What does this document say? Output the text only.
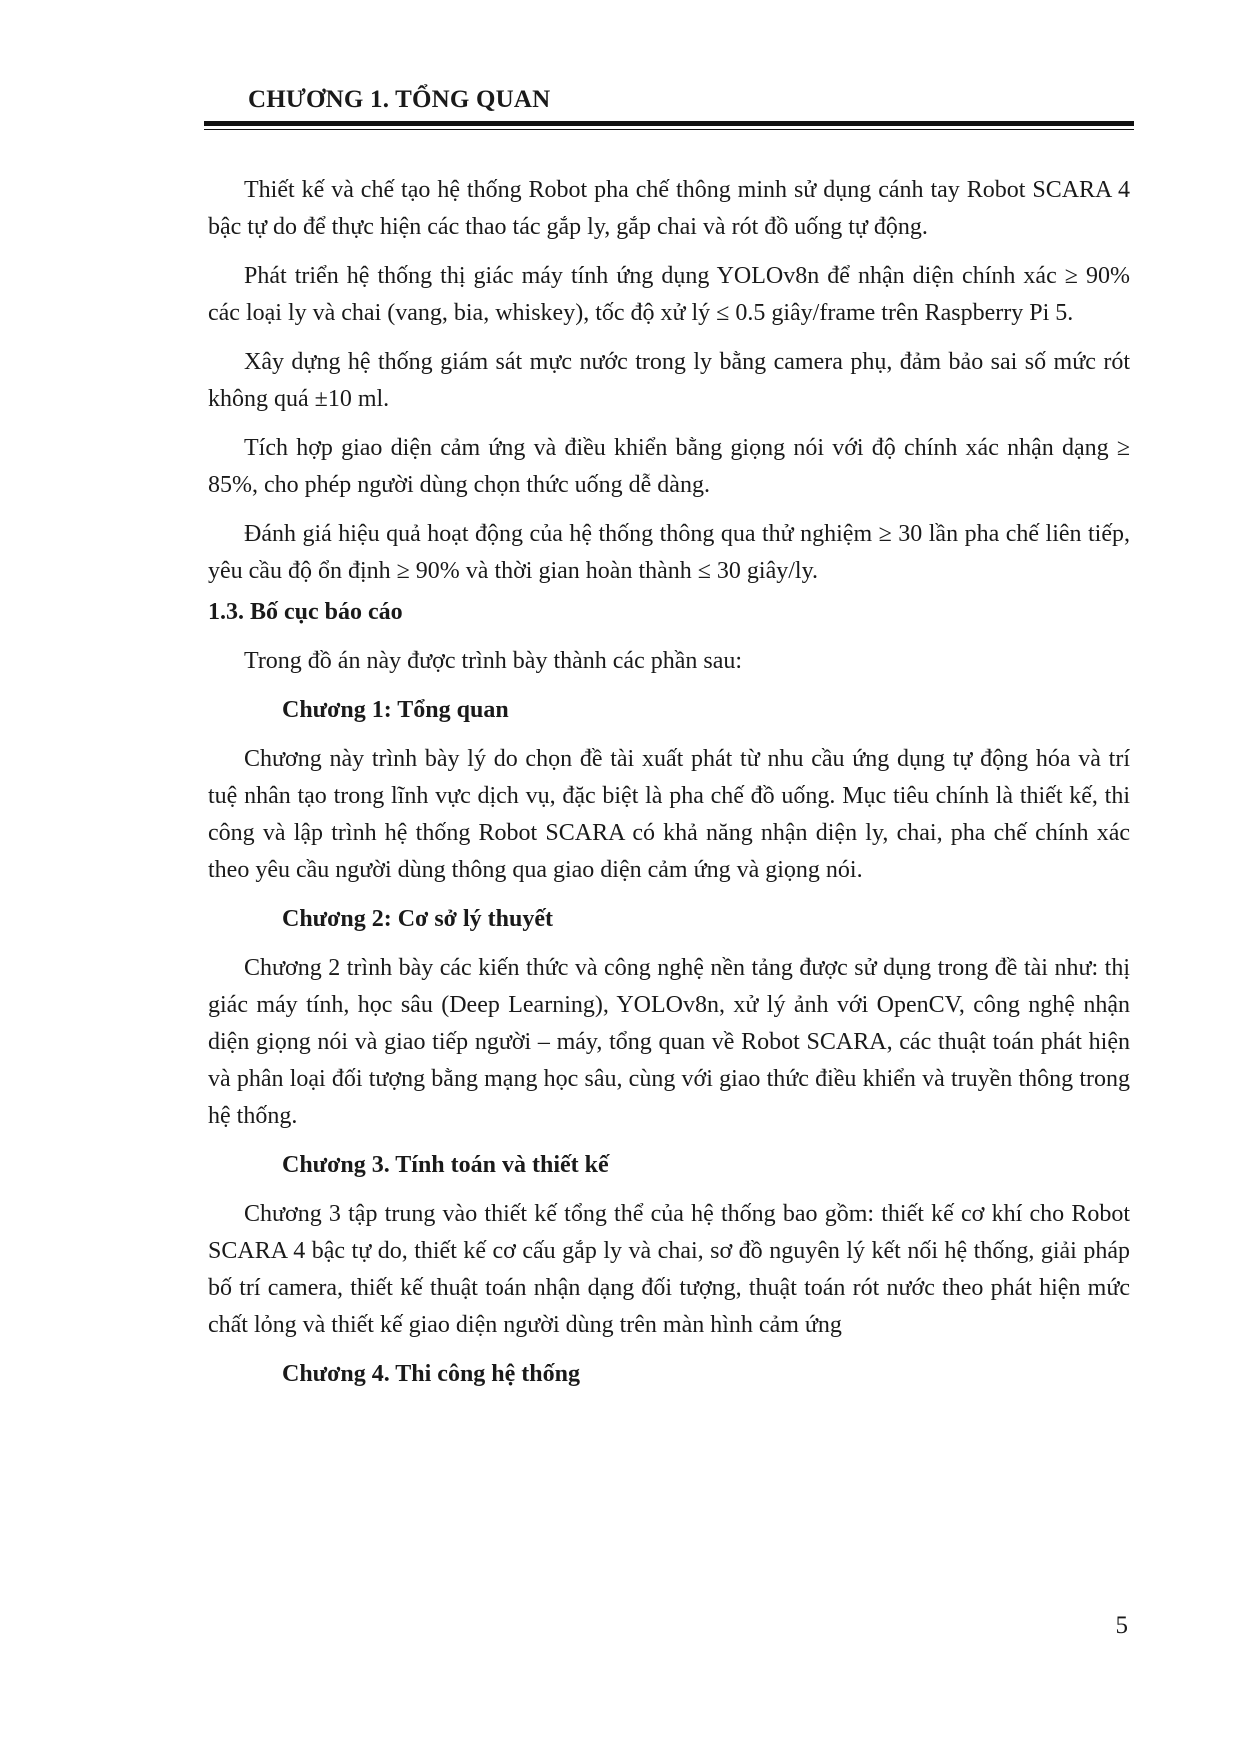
CHƯƠNG 1. TỔNG QUAN

Thiết kế và chế tạo hệ thống Robot pha chế thông minh sử dụng cánh tay Robot SCARA 4 bậc tự do để thực hiện các thao tác gắp ly, gắp chai và rót đồ uống tự động.

Phát triển hệ thống thị giác máy tính ứng dụng YOLOv8n để nhận diện chính xác ≥ 90% các loại ly và chai (vang, bia, whiskey), tốc độ xử lý ≤ 0.5 giây/frame trên Raspberry Pi 5.

Xây dựng hệ thống giám sát mực nước trong ly bằng camera phụ, đảm bảo sai số mức rót không quá ±10 ml.

Tích hợp giao diện cảm ứng và điều khiển bằng giọng nói với độ chính xác nhận dạng ≥ 85%, cho phép người dùng chọn thức uống dễ dàng.

Đánh giá hiệu quả hoạt động của hệ thống thông qua thử nghiệm ≥ 30 lần pha chế liên tiếp, yêu cầu độ ổn định ≥ 90% và thời gian hoàn thành ≤ 30 giây/ly.

1.3. Bố cục báo cáo

Trong đồ án này được trình bày thành các phần sau:

Chương 1: Tổng quan

Chương này trình bày lý do chọn đề tài xuất phát từ nhu cầu ứng dụng tự động hóa và trí tuệ nhân tạo trong lĩnh vực dịch vụ, đặc biệt là pha chế đồ uống. Mục tiêu chính là thiết kế, thi công và lập trình hệ thống Robot SCARA có khả năng nhận diện ly, chai, pha chế chính xác theo yêu cầu người dùng thông qua giao diện cảm ứng và giọng nói.

Chương 2: Cơ sở lý thuyết

Chương 2 trình bày các kiến thức và công nghệ nền tảng được sử dụng trong đề tài như: thị giác máy tính, học sâu (Deep Learning), YOLOv8n, xử lý ảnh với OpenCV, công nghệ nhận diện giọng nói và giao tiếp người – máy, tổng quan về Robot SCARA, các thuật toán phát hiện và phân loại đối tượng bằng mạng học sâu, cùng với giao thức điều khiển và truyền thông trong hệ thống.

Chương 3. Tính toán và thiết kế

Chương 3 tập trung vào thiết kế tổng thể của hệ thống bao gồm: thiết kế cơ khí cho Robot SCARA 4 bậc tự do, thiết kế cơ cấu gắp ly và chai, sơ đồ nguyên lý kết nối hệ thống, giải pháp bố trí camera, thiết kế thuật toán nhận dạng đối tượng, thuật toán rót nước theo phát hiện mức chất lỏng và thiết kế giao diện người dùng trên màn hình cảm ứng

Chương 4. Thi công hệ thống
5
